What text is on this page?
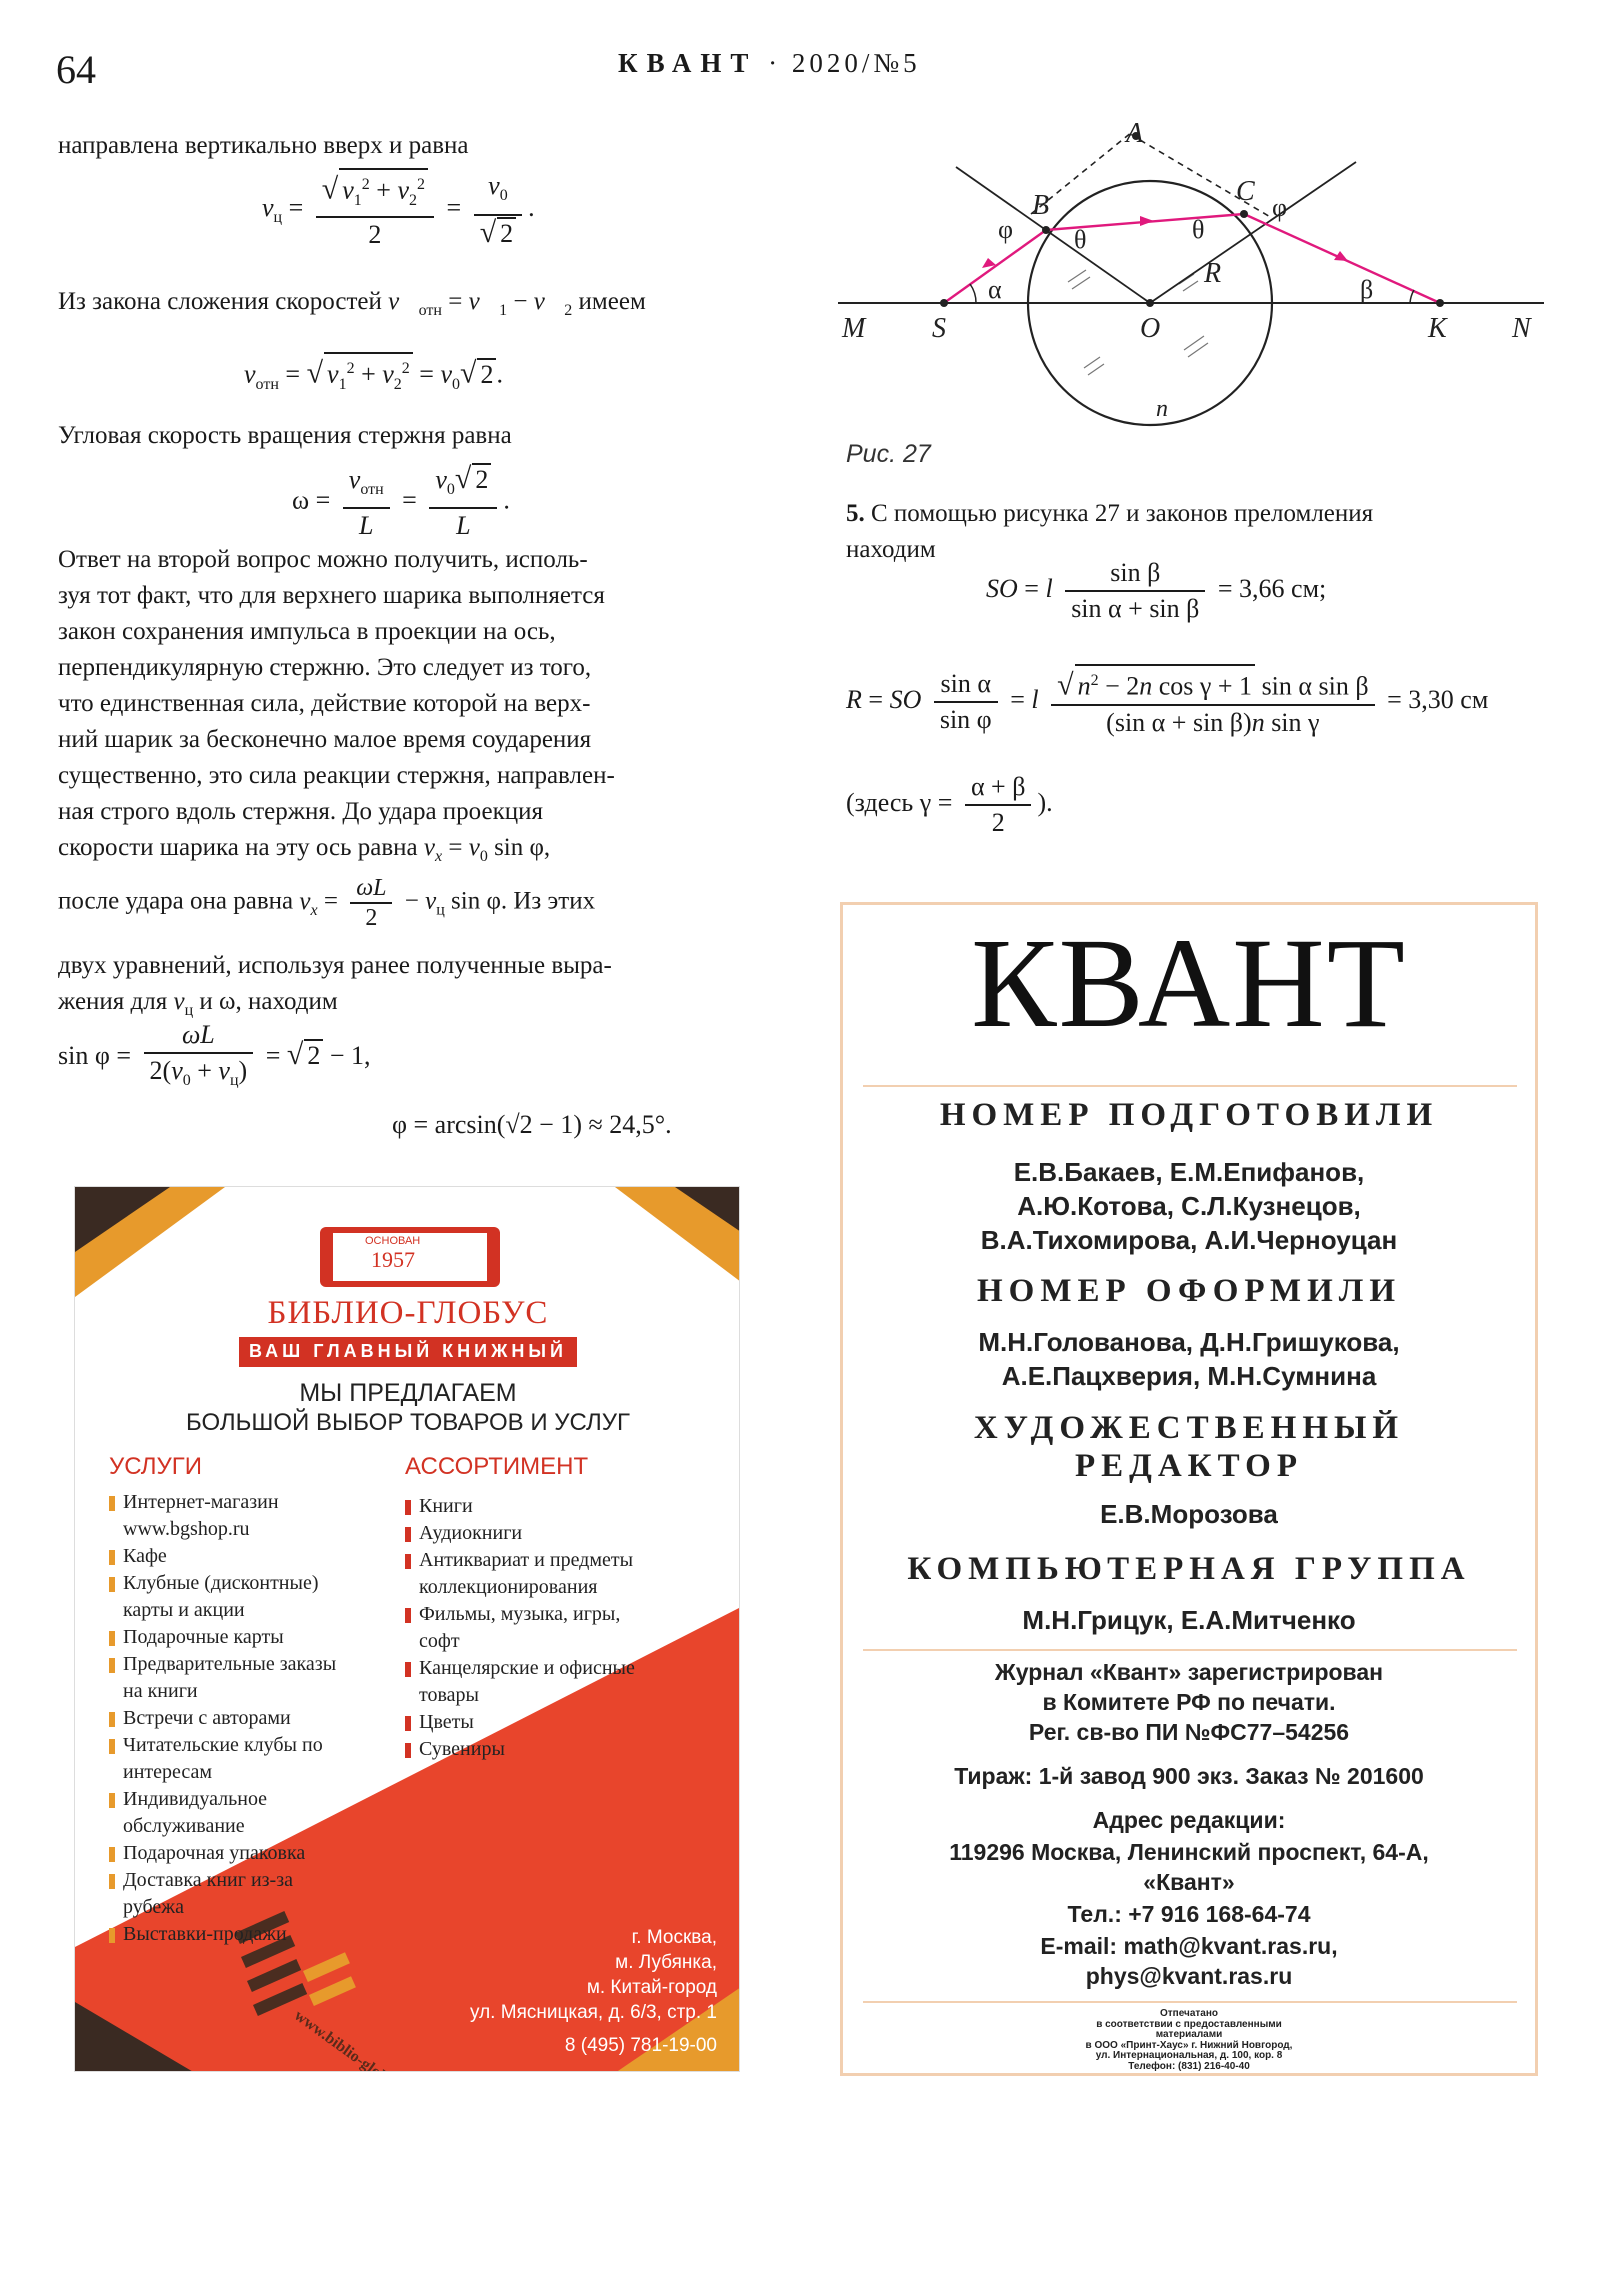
64	КВАНТ · 2020/№5
направлена вертикально вверх и равна
$v_ц = \frac{√ v_1^2 + v_2^2}{2} = \frac{v_0}{√ 2}$ .
Из закона сложения скоростей $v⃗_{отн}$ = $v⃗_1$ − $v⃗_2$ имеем
$v_{отн}$ = √ $v_1^2 + v_2^2 = v_0√$ 2 .
Угловая скорость вращения стержня равна
$\omega = \frac{v_{отн}}{L} = \frac{v_0√ 2}{L}$ .
Ответ на второй вопрос можно получить, исполь-
зуя тот факт, что для верхнего шарика выполняется
закон сохранения импульса в проекции на ось,
перпендикулярную стержню. Это следует из того,
что единственная сила, действие которой на верх-
ний шарик за бесконечно малое время соударения
существенно, это сила реакции стержня, направлен-
ная строго вдоль стержня. До удара проекция
скорости шарика на эту ось равна $v_x = v_0$ sin φ,
после удара она равна $v_x = \frac{\omega L}{2} - v_ц$ sin φ. Из этих
двух уравнений, используя ранее полученные выра-
жения для $v_ц$ и ω, находим
$\sin \varphi = \frac{\omega L}{2(v_0 + v_ц)}$ = √ 2 − 1,
φ = arcsin(√2 − 1) ≈ 24,5°.
M S	O	K N
A
B	C
R
n
α	β
φ
φ
θ	θ
Рис. 27
5. С помощью рисунка 27 и законов преломления
находим
SO = l $\frac{\text{sin β}}{\text{sin α + sin β}} = 3,66$ см;
R = SO $\frac{\text{sin α}}{\text{sin φ}} = l \frac{√ n^2 - 2n \cos \gamma + 1 \sin \alpha \sin \beta}{\text{(sin α + sin β)n sin γ}} = 3,30$ см
(здесь $\gamma = \frac{\alpha + \beta}{2}$ ).
ОСНОВАН
1957
БИБЛИО-ГЛОБУС
ВАШ ГЛАВНЫЙ КНИЖНЫЙ
МЫ ПРЕДЛАГАЕМ
БОЛЬШОЙ ВЫБОР ТОВАРОВ И УСЛУГ
УСЛУГИ
Интернет-магазин www.bgshop.ru
Кафе
Клубные (дисконтные) карты и акции
Подарочные карты
Предварительные заказы на книги
Встречи с авторами
Читательские клубы по интересам
Индивидуальное обслуживание
Подарочная упаковка
Доставка книг из-за рубежа
Выставки-продажи
АССОРТИМЕНТ
Книги
Аудиокниги
Антиквариат и предметы коллекционирования
Фильмы, музыка, игры, софт
Канцелярские и офисные товары
Цветы
Сувениры
г. Москва,
м. Лубянка,
м. Китай-город
ул. Мясницкая, д. 6/3, стр. 1
8 (495) 781-19-00
КВАНТ
НОМЕР ПОДГОТОВИЛИ
Е.В.Бакаев, Е.М.Епифанов,
А.Ю.Котова, С.Л.Кузнецов,
В.А.Тихомирова, А.И.Черноуцан
НОМЕР ОФОРМИЛИ
М.Н.Голованова, Д.Н.Гришукова,
А.Е.Пацхверия, М.Н.Сумнина
ХУДОЖЕСТВЕННЫЙ
РЕДАКТОР
Е.В.Морозова
КОМПЬЮТЕРНАЯ ГРУППА
М.Н.Грицук, Е.А.Митченко
Журнал «Квант» зарегистрирован
в Комитете РФ по печати.
Рег. св-во ПИ №ФС77–54256
Тираж: 1-й завод 900 экз. Заказ № 201600
Адрес редакции:
119296 Москва, Ленинский проспект, 64-А,
«Квант»
Тел.: +7 916 168-64-74
E-mail: math@kvant.ras.ru,
phys@kvant.ras.ru
Отпечатано
в соответствии с предоставленными
материалами
в ООО «Принт-Хаус» г. Нижний Новгород,
ул. Интернациональная, д. 100, кор. 8
Телефон: (831) 216-40-40
